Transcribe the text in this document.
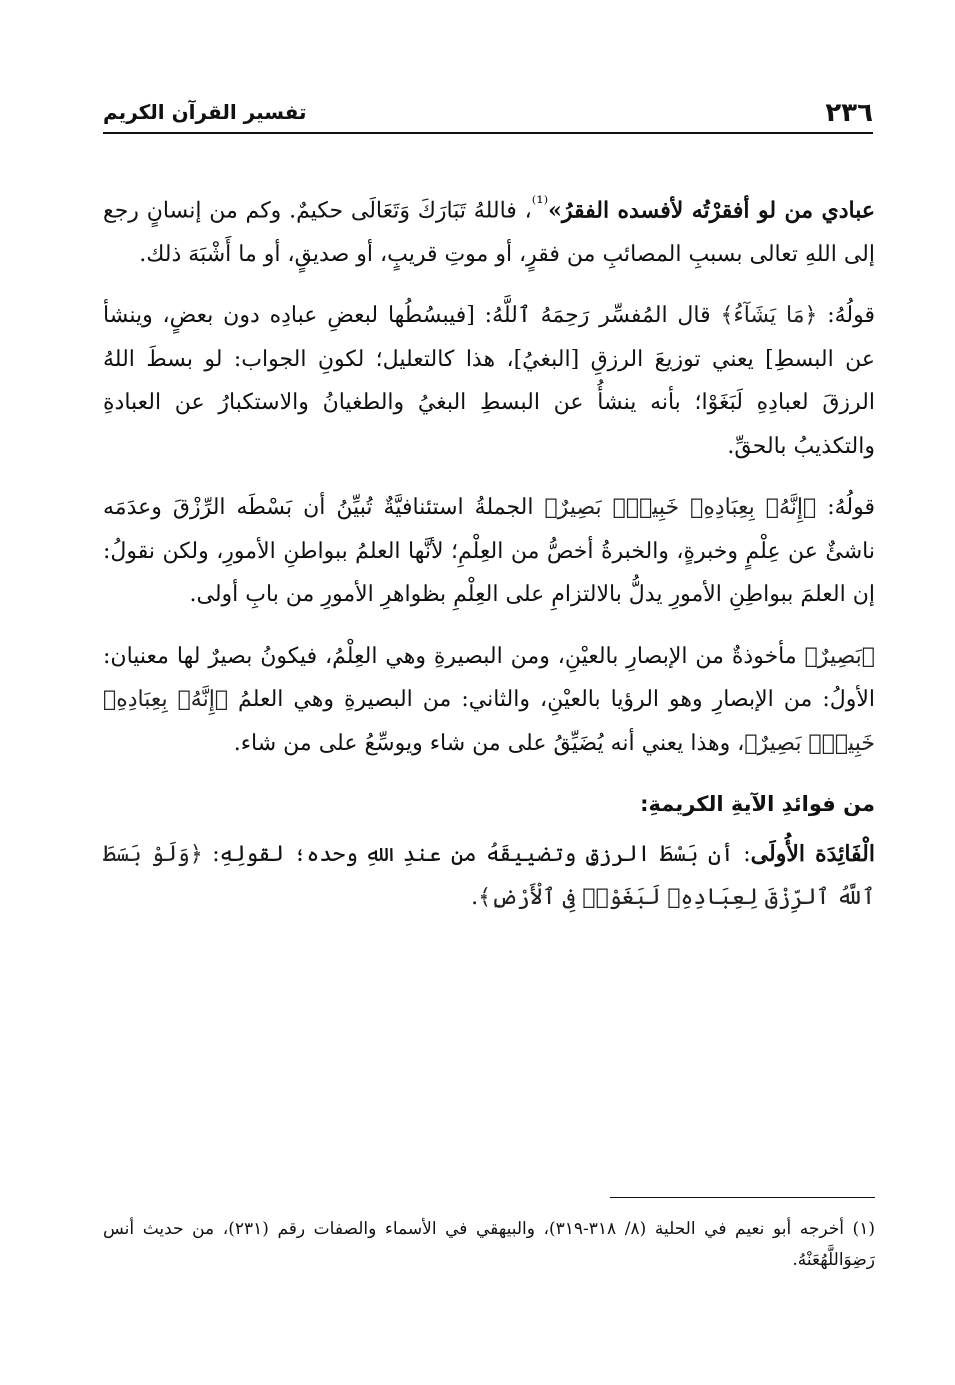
٢٣٦
تفسير القرآن الكريم

عبادي من لو أفقرْتُه لأفسده الفقرُ»$^{^{(1)}}$، فاللهُ تَبَارَكَ وَتَعَالَى حكيمٌ. وكم من إنسانٍ رجع إلى اللهِ تعالى بسببِ المصائبِ من فقرٍ، أو موتِ قريبٍ، أو صديقٍ، أو ما أَشْبَهَ ذلك.

قولُهُ: ﴿مَا يَشَآءُ﴾ قال المُفسِّر رَحِمَهُ ٱللَّهُ: [فيبسُطُها لبعضِ عبادِه دون بعضٍ، وينشأ عن البسطِ] يعني توزيعَ الرزقِ [البغيُ]، هذا كالتعليل؛ لكونِ الجواب: لو بسطَ اللهُ الرزقَ لعبادِهِ لَبَغَوْا؛ بأنه ينشأُ عن البسطِ البغيُ والطغيانُ والاستكبارُ عن العبادةِ والتكذيبُ بالحقِّ.

قولُهُ: ﴿إِنَّهُۥ بِعِبَادِهِۦ خَبِيرٌۢ بَصِيرٌ﴾ الجملةُ استئنافيَّةٌ تُبيِّنُ أن بَسْطَه الرِّزْقَ وعدَمَه ناشئٌ عن عِلْمٍ وخبرةٍ، والخبرةُ أخصُّ من العِلْمِ؛ لأنَّها العلمُ ببواطنِ الأمورِ، ولكن نقولُ: إن العلمَ ببواطِنِ الأمورِ يدلُّ بالالتزامِ على العِلْمِ بظواهرِ الأمورِ من بابِ أولى.

﴿بَصِيرٌ﴾ مأخوذةٌ من الإبصارِ بالعيْنِ، ومن البصيرةِ وهي العِلْمُ، فيكونُ بصيرٌ لها معنيان: الأولُ: من الإبصارِ وهو الرؤيا بالعيْنِ، والثاني: من البصيرةِ وهي العلمُ ﴿إِنَّهُۥ بِعِبَادِهِۦ خَبِيرٌۢ بَصِيرٌ﴾، وهذا يعني أنه يُضَيِّقُ على من شاء ويوسِّعُ على من شاء.

من فوائدِ الآيةِ الكريمةِ:

الْفَائِدَة الأُولَى: أن بَسْطَ الرزقِ وتضييقَهُ من عندِ اللهِ وحده؛ لقولِهِ: ﴿وَلَوْ بَسَطَ ٱللَّهُ ٱلرِّزْقَ لِعِبَادِهِۦ لَبَغَوْا۟ فِى ٱلْأَرْضِ﴾.

(١) أخرجه أبو نعيم في الحلية (٨/ ٣١٨-٣١٩)، والبيهقي في الأسماء والصفات رقم (٢٣١)، من حديث أنس رَضِوَاللَّهُعَنْهُ.
